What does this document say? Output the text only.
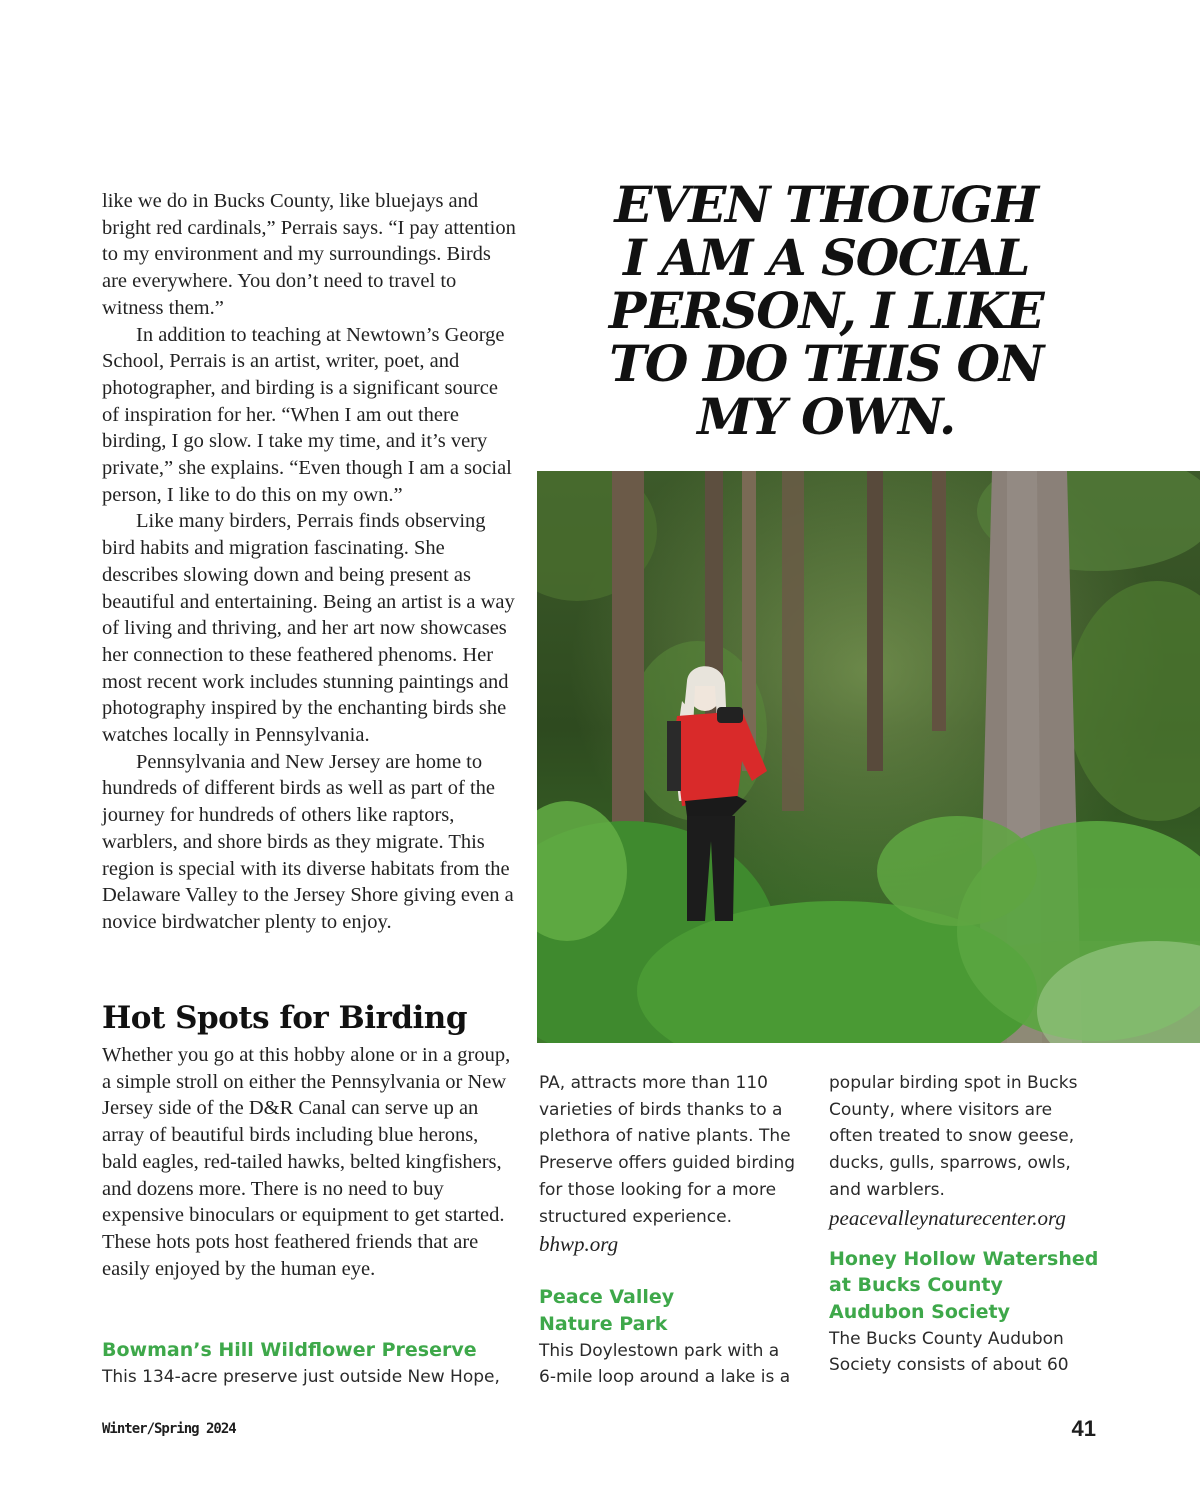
like we do in Bucks County, like bluejays and bright red cardinals,” Perrais says. “I pay attention to my environment and my surroundings. Birds are everywhere. You don’t need to travel to witness them.”

In addition to teaching at Newtown’s George School, Perrais is an artist, writer, poet, and photographer, and birding is a significant source of inspiration for her. “When I am out there birding, I go slow. I take my time, and it’s very private,” she explains. “Even though I am a social person, I like to do this on my own.”

Like many birders, Perrais finds observing bird habits and migration fascinating. She describes slowing down and being present as beautiful and entertaining. Being an artist is a way of living and thriving, and her art now showcases her connection to these feathered phenoms. Her most recent work includes stunning paintings and photography inspired by the enchanting birds she watches locally in Pennsylvania.

Pennsylvania and New Jersey are home to hundreds of different birds as well as part of the journey for hundreds of others like raptors, warblers, and shore birds as they migrate. This region is special with its diverse habitats from the Delaware Valley to the Jersey Shore giving even a novice birdwatcher plenty to enjoy.

Hot Spots for Birding

Whether you go at this hobby alone or in a group, a simple stroll on either the Pennsylvania or New Jersey side of the D&R Canal can serve up an array of beautiful birds including blue herons, bald eagles, red-tailed hawks, belted kingfishers, and dozens more. There is no need to buy expensive binoculars or equipment to get started. These hots pots host feathered friends that are easily enjoyed by the human eye.

EVEN THOUGH I AM A SOCIAL PERSON, I LIKE TO DO THIS ON MY OWN.

Bowman’s Hill Wildflower Preserve

This 134-acre preserve just outside New Hope,

PA, attracts more than 110 varieties of birds thanks to a plethora of native plants. The Preserve offers guided birding for those looking for a more structured experience.

bhwp.org

Peace Valley

Nature Park

This Doylestown park with a 6-mile loop around a lake is a

popular birding spot in Bucks County, where visitors are often treated to snow geese, ducks, gulls, sparrows, owls, and warblers.

peacevalleynaturecenter.org

Honey Hollow Watershed

at Bucks County

Audubon Society

The Bucks County Audubon Society consists of about 60

Winter/Spring 2024	41
